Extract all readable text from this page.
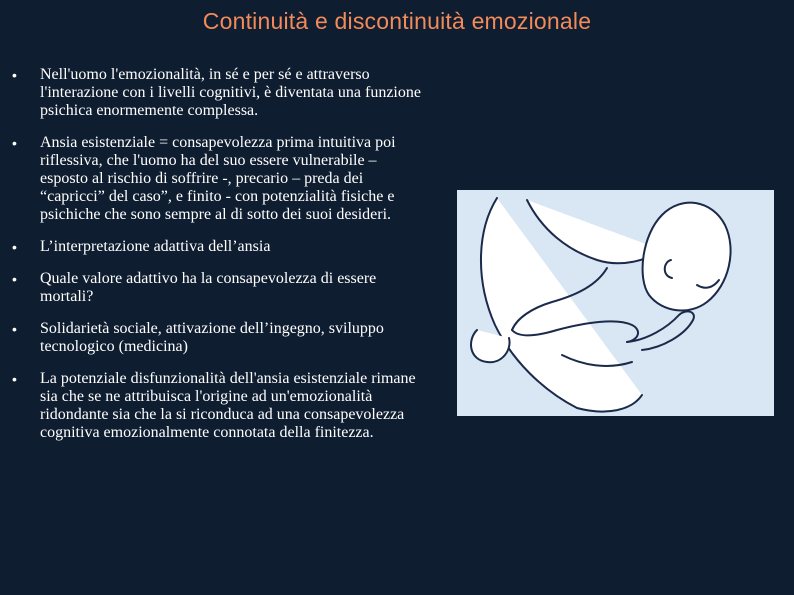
Continuità e discontinuità emozionale
•	Nell'uomo l'emozionalità, in sé e per sé e attraverso l'interazione con i livelli cognitivi, è diventata una funzione psichica enormemente complessa.
•	Ansia esistenziale = consapevolezza prima intuitiva poi riflessiva, che l'uomo ha del suo essere vulnerabile – esposto al rischio di soffrire -, precario – preda dei “capricci” del caso”, e finito - con potenzialità fisiche e psichiche che sono sempre al di sotto dei suoi desideri.
•	L’interpretazione adattiva dell’ansia
•	Quale valore adattivo ha la consapevolezza di essere mortali?
•	Solidarietà sociale, attivazione dell’ingegno, sviluppo tecnologico (medicina)
•	La potenziale disfunzionalità dell'ansia esistenziale rimane sia che se ne attribuisca l'origine ad un'emozionalità ridondante sia che la si riconduca ad una consapevolezza cognitiva emozionalmente connotata della finitezza.
